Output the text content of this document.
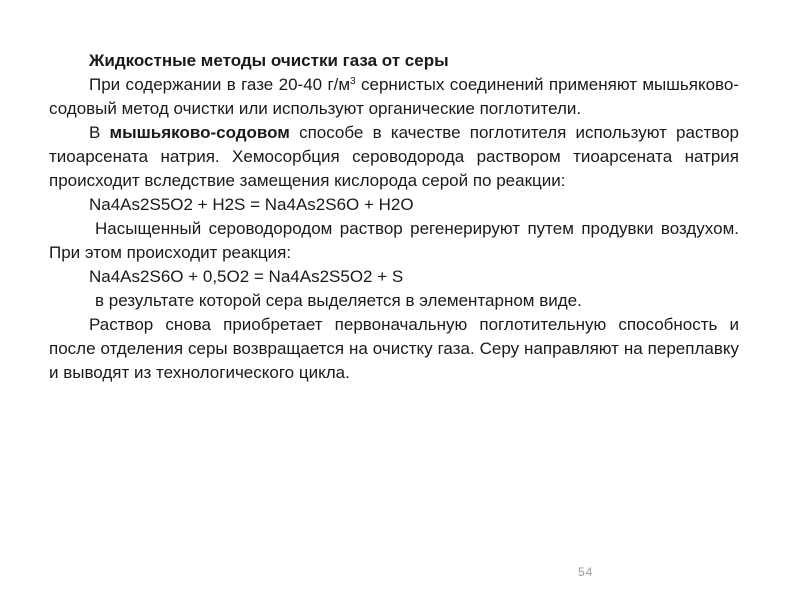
Жидкостные методы очистки газа от серы

При содержании в газе 20-40 $г/м^3$ сернистых соединений применяют мышьяково-содовый метод очистки или используют органические поглотители.

В мышьяково-содовом способе в качестве поглотителя используют раствор тиоарсената натрия. Хемосорбция сероводорода раствором тиоарсената натрия происходит вследствие замещения кислорода серой по реакции:

Na4As2S5O2 + H2S = Na4As2S6O + H2O

Насыщенный сероводородом раствор регенерируют путем продувки воздухом. При этом происходит реакция:

Na4As2S6O + 0,5O2 = Na4As2S5O2 + S

в результате которой сера выделяется в элементарном виде.

Раствор снова приобретает первоначальную поглотительную способность и после отделения серы возвращается на очистку газа. Серу направляют на переплавку и выводят из технологического цикла.

54
